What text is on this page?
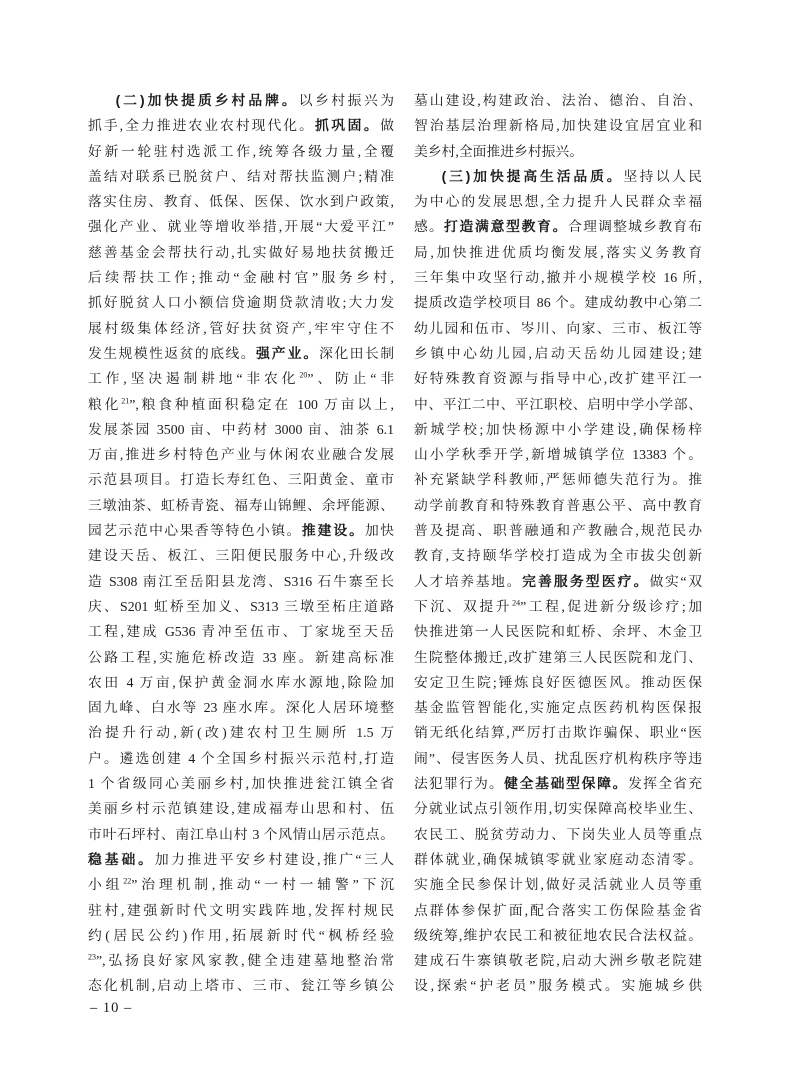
(二)加快提质乡村品牌。以乡村振兴为
抓手,全力推进农业农村现代化。抓巩固。做
好新一轮驻村选派工作,统筹各级力量,全覆
盖结对联系已脱贫户、结对帮扶监测户;精准
落实住房、教育、低保、医保、饮水到户政策,
强化产业、就业等增收举措,开展“大爱平江”
慈善基金会帮扶行动,扎实做好易地扶贫搬迁
后续帮扶工作;推动“金融村官”服务乡村,
抓好脱贫人口小额信贷逾期贷款清收;大力发
展村级集体经济,管好扶贫资产,牢牢守住不
发生规模性返贫的底线。强产业。深化田长制
工作,坚决遏制耕地“非农化$^{20}$”、防止“非
粮化$^{21}$”,粮食种植面积稳定在 100 万亩以上,
发展茶园 3500 亩、中药材 3000 亩、油茶 6.1
万亩,推进乡村特色产业与休闲农业融合发展
示范县项目。打造长寿红色、三阳黄金、童市
三墩油茶、虹桥青瓷、福寿山锦鲤、余坪能源、
园艺示范中心果香等特色小镇。推建设。加快
建设天岳、板江、三阳便民服务中心,升级改
造 S308 南江至岳阳县龙湾、S316 石牛寨至长
庆、S201 虹桥至加义、S313 三墩至柘庄道路
工程,建成 G536 青冲至伍市、丁家垅至天岳
公路工程,实施危桥改造 33 座。新建高标准
农田 4 万亩,保护黄金洞水库水源地,除险加
固九峰、白水等 23 座水库。深化人居环境整
治提升行动,新(改)建农村卫生厕所 1.5 万
户。遴选创建 4 个全国乡村振兴示范村,打造
1 个省级同心美丽乡村,加快推进瓮江镇全省
美丽乡村示范镇建设,建成福寿山思和村、伍
市叶石坪村、南江阜山村 3 个风情山居示范点。
稳基础。加力推进平安乡村建设,推广“三人
小组$^{22}$”治理机制,推动“一村一辅警”下沉
驻村,建强新时代文明实践阵地,发挥村规民
约(居民公约)作用,拓展新时代“枫桥经验
$^{23}$”,弘扬良好家风家教,健全违建墓地整治常
态化机制,启动上塔市、三市、瓮江等乡镇公
墓山建设,构建政治、法治、德治、自治、
智治基层治理新格局,加快建设宜居宜业和
美乡村,全面推进乡村振兴。
(三)加快提高生活品质。坚持以人民
为中心的发展思想,全力提升人民群众幸福
感。打造满意型教育。合理调整城乡教育布
局,加快推进优质均衡发展,落实义务教育
三年集中攻坚行动,撤并小规模学校 16 所,
提质改造学校项目 86 个。建成幼教中心第二
幼儿园和伍市、岑川、向家、三市、板江等
乡镇中心幼儿园,启动天岳幼儿园建设;建
好特殊教育资源与指导中心,改扩建平江一
中、平江二中、平江职校、启明中学小学部、
新城学校;加快杨源中小学建设,确保杨梓
山小学秋季开学,新增城镇学位 13383 个。
补充紧缺学科教师,严惩师德失范行为。推
动学前教育和特殊教育普惠公平、高中教育
普及提高、职普融通和产教融合,规范民办
教育,支持颐华学校打造成为全市拔尖创新
人才培养基地。完善服务型医疗。做实“双
下沉、双提升$^{24}$”工程,促进新分级诊疗;加
快推进第一人民医院和虹桥、余坪、木金卫
生院整体搬迁,改扩建第三人民医院和龙门、
安定卫生院;锤炼良好医德医风。推动医保
基金监管智能化,实施定点医药机构医保报
销无纸化结算,严厉打击欺诈骗保、职业“医
闹”、侵害医务人员、扰乱医疗机构秩序等违
法犯罪行为。健全基础型保障。发挥全省充
分就业试点引领作用,切实保障高校毕业生、
农民工、脱贫劳动力、下岗失业人员等重点
群体就业,确保城镇零就业家庭动态清零。
实施全民参保计划,做好灵活就业人员等重
点群体参保扩面,配合落实工伤保险基金省
级统筹,维护农民工和被征地农民合法权益。
建成石牛寨镇敬老院,启动大洲乡敬老院建
设,探索“护老员”服务模式。实施城乡供
– 10 –
